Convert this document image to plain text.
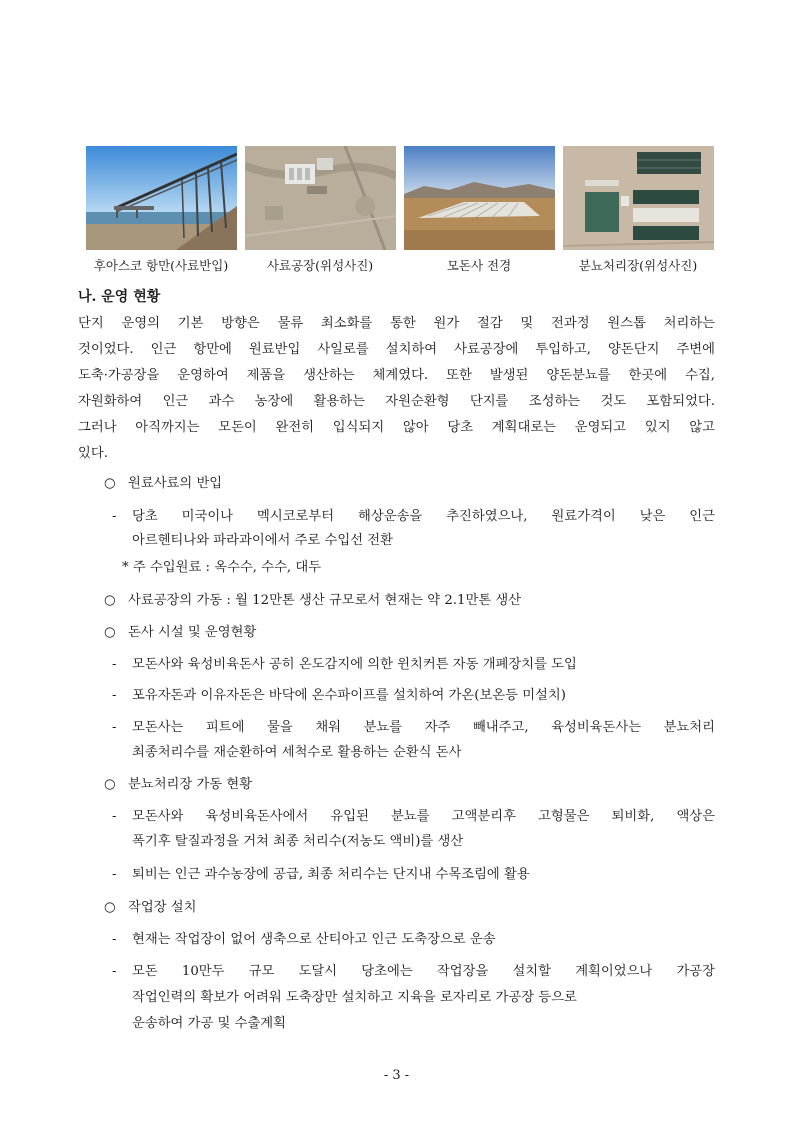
후아스코 항만(사료반입)	사료공장(위성사진)	모돈사 전경	분뇨처리장(위성사진)
나. 운영 현황
단지 운영의 기본 방향은 물류 최소화를 통한 원가 절감 및 전과정 원스톱 처리하는
것이었다. 인근 항만에 원료반입 사일로를 설치하여 사료공장에 투입하고, 양돈단지 주변에
도축·가공장을 운영하여 제품을 생산하는 체계였다. 또한 발생된 양돈분뇨를 한곳에 수집,
자원화하여 인근 과수 농장에 활용하는 자원순환형 단지를 조성하는 것도 포함되었다.
그러나 아직까지는 모돈이 완전히 입식되지 않아 당초 계획대로는 운영되고 있지 않고
있다.
○ 원료사료의 반입
- 당초 미국이나 멕시코로부터 해상운송을 추진하였으나, 원료가격이 낮은 인근
아르헨티나와 파라과이에서 주로 수입선 전환
* 주 수입원료 : 옥수수, 수수, 대두
○ 사료공장의 가동 : 월 12만톤 생산 규모로서 현재는 약 2.1만톤 생산
○ 돈사 시설 및 운영현황
- 모돈사와 육성비육돈사 공히 온도감지에 의한 윈치커튼 자동 개폐장치를 도입
- 포유자돈과 이유자돈은 바닥에 온수파이프를 설치하여 가온(보온등 미설치)
- 모돈사는 피트에 물을 채워 분뇨를 자주 빼내주고, 육성비육돈사는 분뇨처리
최종처리수를 재순환하여 세척수로 활용하는 순환식 돈사
○ 분뇨처리장 가동 현황
- 모돈사와 육성비육돈사에서 유입된 분뇨를 고액분리후 고형물은 퇴비화, 액상은
폭기후 탈질과정을 거쳐 최종 처리수(저농도 액비)를 생산
- 퇴비는 인근 과수농장에 공급, 최종 처리수는 단지내 수목조림에 활용
○ 작업장 설치
- 현재는 작업장이 없어 생축으로 산티아고 인근 도축장으로 운송
- 모돈 10만두 규모 도달시 당초에는 작업장을 설치할 계획이었으나 가공장
작업인력의 확보가 어려워 도축장만 설치하고 지육을 로자리로 가공장 등으로
운송하여 가공 및 수출계획
- 3 -
